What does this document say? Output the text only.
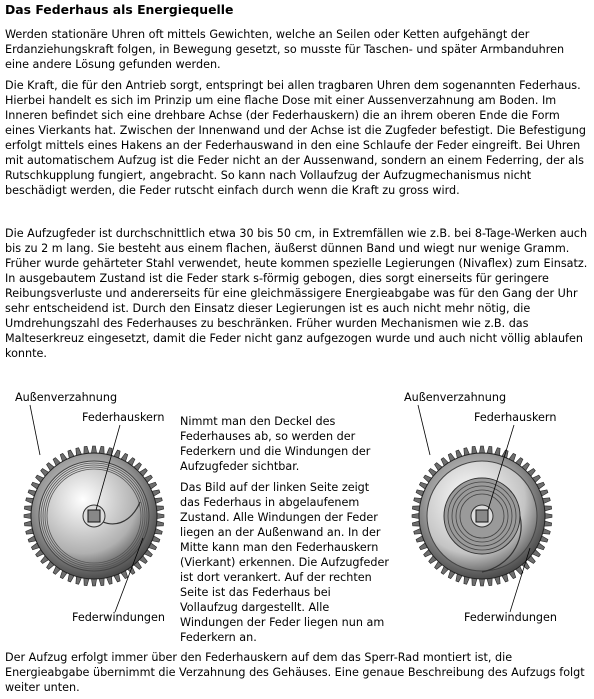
Das Federhaus als Energiequelle

Werden stationäre Uhren oft mittels Gewichten, welche an Seilen oder Ketten aufgehängt der Erdanziehungskraft folgen, in Bewegung gesetzt, so musste für Taschen- und später Armbanduhren eine andere Lösung gefunden werden.

Die Kraft, die für den Antrieb sorgt, entspringt bei allen tragbaren Uhren dem sogenannten Federhaus. Hierbei handelt es sich im Prinzip um eine flache Dose mit einer Aussenverzahnung am Boden. Im Inneren befindet sich eine drehbare Achse (der Federhauskern) die an ihrem oberen Ende die Form eines Vierkants hat. Zwischen der Innenwand und der Achse ist die Zugfeder befestigt. Die Befestigung erfolgt mittels eines Hakens an der Federhauswand in den eine Schlaufe der Feder eingreift. Bei Uhren mit automatischem Aufzug ist die Feder nicht an der Aussenwand, sondern an einem Federring, der als Rutschkupplung fungiert, angebracht. So kann nach Vollaufzug der Aufzugmechanismus nicht beschädigt werden, die Feder rutscht einfach durch wenn die Kraft zu gross wird.

Die Aufzugfeder ist durchschnittlich etwa 30 bis 50 cm, in Extremfällen wie z.B. bei 8-Tage-Werken auch bis zu 2 m lang. Sie besteht aus einem flachen, äußerst dünnen Band und wiegt nur wenige Gramm. Früher wurde gehärteter Stahl verwendet, heute kommen spezielle Legierungen (Nivaflex) zum Einsatz. In ausgebautem Zustand ist die Feder stark s-förmig gebogen, dies sorgt einerseits für geringere Reibungsverluste und andererseits für eine gleichmässigere Energieabgabe was für den Gang der Uhr sehr entscheidend ist. Durch den Einsatz dieser Legierungen ist es auch nicht mehr nötig, die Umdrehungszahl des Federhauses zu beschränken. Früher wurden Mechanismen wie z.B. das Malteserkreuz eingesetzt, damit die Feder nicht ganz aufgezogen wurde und auch nicht völlig ablaufen konnte.

Außenverzahnung
Federhauskern
Federwindungen

Nimmt man den Deckel des Federhauses ab, so werden der Federkern und die Windungen der Aufzugfeder sichtbar.

Das Bild auf der linken Seite zeigt das Federhaus in abgelaufenem Zustand. Alle Windungen der Feder liegen an der Außenwand an. In der Mitte kann man den Federhauskern (Vierkant) erkennen. Die Aufzugfeder ist dort verankert. Auf der rechten Seite ist das Federhaus bei Vollaufzug dargestellt. Alle Windungen der Feder liegen nun am Federkern an.

Außenverzahnung
Federhauskern
Federwindungen

Der Aufzug erfolgt immer über den Federhauskern auf dem das Sperr-Rad montiert ist, die Energieabgabe übernimmt die Verzahnung des Gehäuses. Eine genaue Beschreibung des Aufzugs folgt weiter unten.
